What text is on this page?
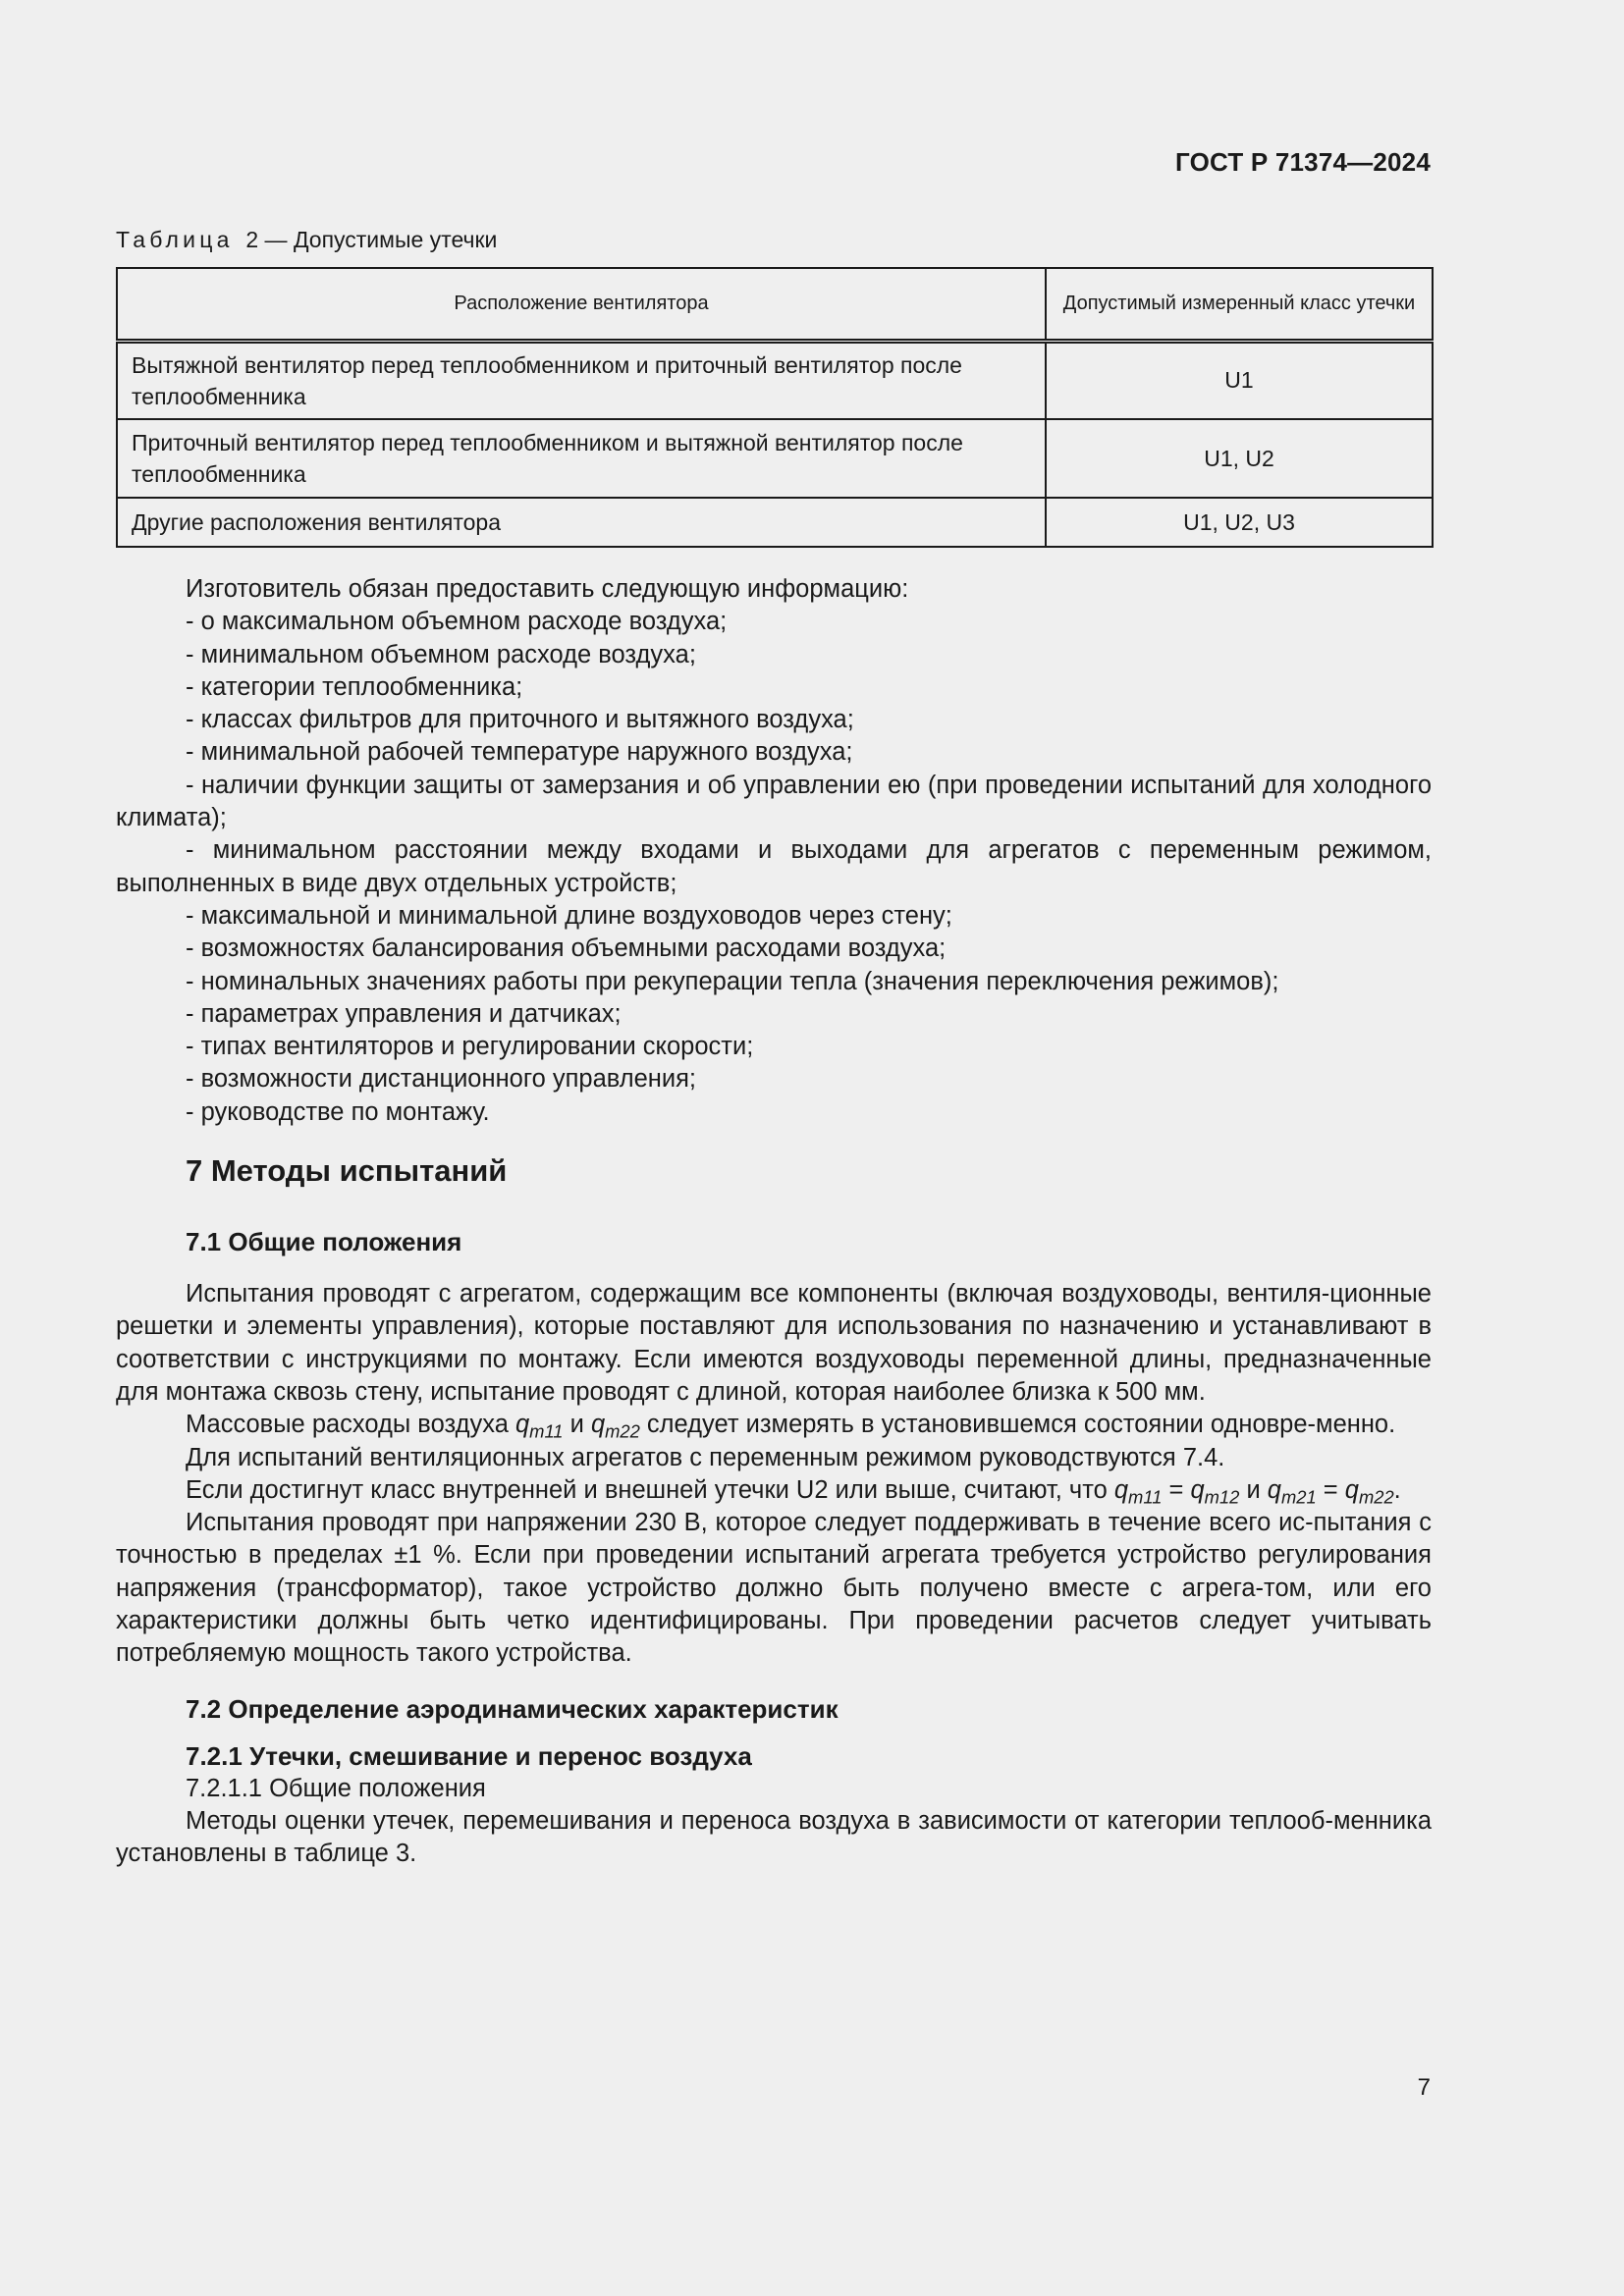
ГОСТ Р 71374—2024
Таблица 2 — Допустимые утечки
Расположение вентилятора	Допустимый измеренный класс утечки
Вытяжной вентилятор перед теплообменником и приточный вентилятор после теплообменника	U1
Приточный вентилятор перед теплообменником и вытяжной вентилятор после теплообменника	U1, U2
Другие расположения вентилятора	U1, U2, U3

Изготовитель обязан предоставить следующую информацию:

- о максимальном объемном расходе воздуха;

- минимальном объемном расходе воздуха;

- категории теплообменника;

- классах фильтров для приточного и вытяжного воздуха;

- минимальной рабочей температуре наружного воздуха;

- наличии функции защиты от замерзания и об управлении ею (при проведении испытаний для холодного климата);

- минимальном расстоянии между входами и выходами для агрегатов с переменным режимом, выполненных в виде двух отдельных устройств;

- максимальной и минимальной длине воздуховодов через стену;

- возможностях балансирования объемными расходами воздуха;

- номинальных значениях работы при рекуперации тепла (значения переключения режимов);

- параметрах управления и датчиках;

- типах вентиляторов и регулировании скорости;

- возможности дистанционного управления;

- руководстве по монтажу.

7 Методы испытаний
7.1 Общие положения

Испытания проводят с агрегатом, содержащим все компоненты (включая воздуховоды, вентиля-ционные решетки и элементы управления), которые поставляют для использования по назначению и устанавливают в соответствии с инструкциями по монтажу. Если имеются воздуховоды переменной длины, предназначенные для монтажа сквозь стену, испытание проводят с длиной, которая наиболее близка к 500 мм.

Массовые расходы воздуха $q_{m11}$ и $q_{m22}$ следует измерять в установившемся состоянии одновре-менно.

Для испытаний вентиляционных агрегатов с переменным режимом руководствуются 7.4.

Если достигнут класс внутренней и внешней утечки U2 или выше, считают, что $q_{m11} = q_{m12}$ и $q_{m21} = q_{m22}$.

Испытания проводят при напряжении 230 В, которое следует поддерживать в течение всего ис-пытания с точностью в пределах ±1 %. Если при проведении испытаний агрегата требуется устройство регулирования напряжения (трансформатор), такое устройство должно быть получено вместе с агрега-том, или его характеристики должны быть четко идентифицированы. При проведении расчетов следует учитывать потребляемую мощность такого устройства.

7.2 Определение аэродинамических характеристик
7.2.1 Утечки, смешивание и перенос воздуха
7.2.1.1 Общие положения

Методы оценки утечек, перемешивания и переноса воздуха в зависимости от категории теплооб-менника установлены в таблице 3.

7
